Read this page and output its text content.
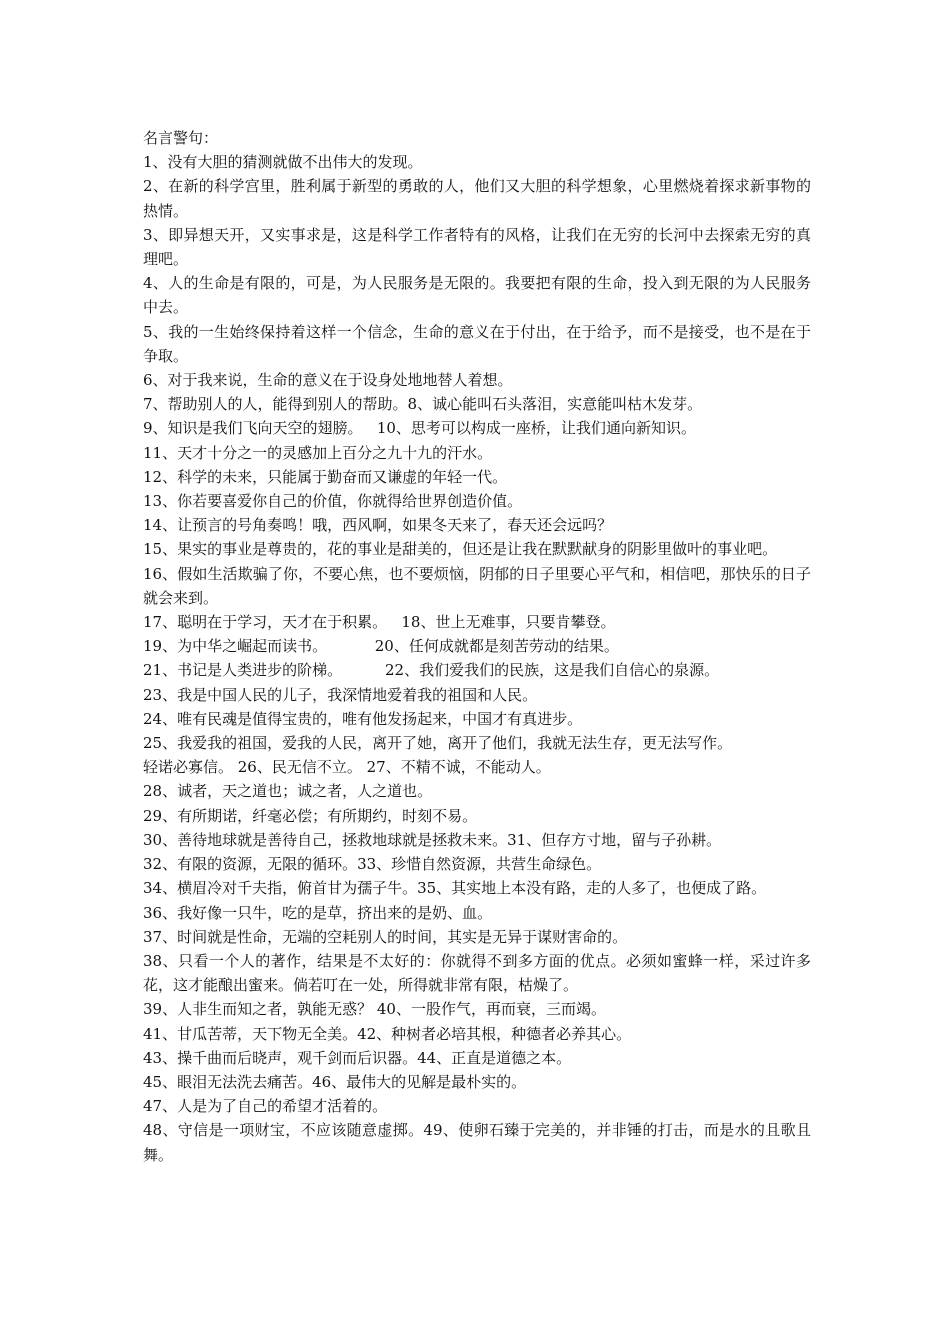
名言警句：

1、没有大胆的猜测就做不出伟大的发现。

2、在新的科学宫里，胜利属于新型的勇敢的人，他们又大胆的科学想象，心里燃烧着探求新事物的热情。

3、即异想天开，又实事求是，这是科学工作者特有的风格，让我们在无穷的长河中去探索无穷的真理吧。

4、人的生命是有限的，可是，为人民服务是无限的。我要把有限的生命，投入到无限的为人民服务中去。

5、我的一生始终保持着这样一个信念，生命的意义在于付出，在于给予，而不是接受，也不是在于争取。

6、对于我来说，生命的意义在于设身处地地替人着想。

7、帮助别人的人，能得到别人的帮助。8、诚心能叫石头落泪，实意能叫枯木发芽。

9、知识是我们飞向天空的翅膀。   10、思考可以构成一座桥，让我们通向新知识。

11、天才十分之一的灵感加上百分之九十九的汗水。

12、科学的未来，只能属于勤奋而又谦虚的年轻一代。

13、你若要喜爱你自己的价值，你就得给世界创造价值。

14、让预言的号角奏鸣！哦，西风啊，如果冬天来了，春天还会远吗？

15、果实的事业是尊贵的，花的事业是甜美的，但还是让我在默默献身的阴影里做叶的事业吧。

16、假如生活欺骗了你，不要心焦，也不要烦恼，阴郁的日子里要心平气和，相信吧，那快乐的日子就会来到。

17、聪明在于学习，天才在于积累。   18、世上无难事，只要肯攀登。

19、为中华之崛起而读书。          20、任何成就都是刻苦劳动的结果。

21、书记是人类进步的阶梯。         22、我们爱我们的民族，这是我们自信心的泉源。

23、我是中国人民的儿子，我深情地爱着我的祖国和人民。

24、唯有民魂是值得宝贵的，唯有他发扬起来，中国才有真进步。

25、我爱我的祖国，爱我的人民，离开了她，离开了他们，我就无法生存，更无法写作。

轻诺必寡信。 26、民无信不立。 27、不精不诚，不能动人。

28、诚者，天之道也；诚之者，人之道也。

29、有所期诺，纤毫必偿；有所期约，时刻不易。

30、善待地球就是善待自己，拯救地球就是拯救未来。31、但存方寸地，留与子孙耕。

32、有限的资源，无限的循环。33、珍惜自然资源，共营生命绿色。

34、横眉冷对千夫指，俯首甘为孺子牛。35、其实地上本没有路，走的人多了，也便成了路。

36、我好像一只牛，吃的是草，挤出来的是奶、血。

37、时间就是性命，无端的空耗别人的时间，其实是无异于谋财害命的。

38、只看一个人的著作，结果是不太好的：你就得不到多方面的优点。必须如蜜蜂一样，采过许多花，这才能酿出蜜来。倘若叮在一处，所得就非常有限，枯燥了。

39、人非生而知之者，孰能无惑？ 40、一股作气，再而衰，三而竭。

41、甘瓜苦蒂，天下物无全美。42、种树者必培其根，种德者必养其心。

43、操千曲而后晓声，观千剑而后识器。44、正直是道德之本。

45、眼泪无法洗去痛苦。46、最伟大的见解是最朴实的。

47、人是为了自己的希望才活着的。

48、守信是一项财宝，不应该随意虚掷。49、使卵石臻于完美的，并非锤的打击，而是水的且歌且舞。
